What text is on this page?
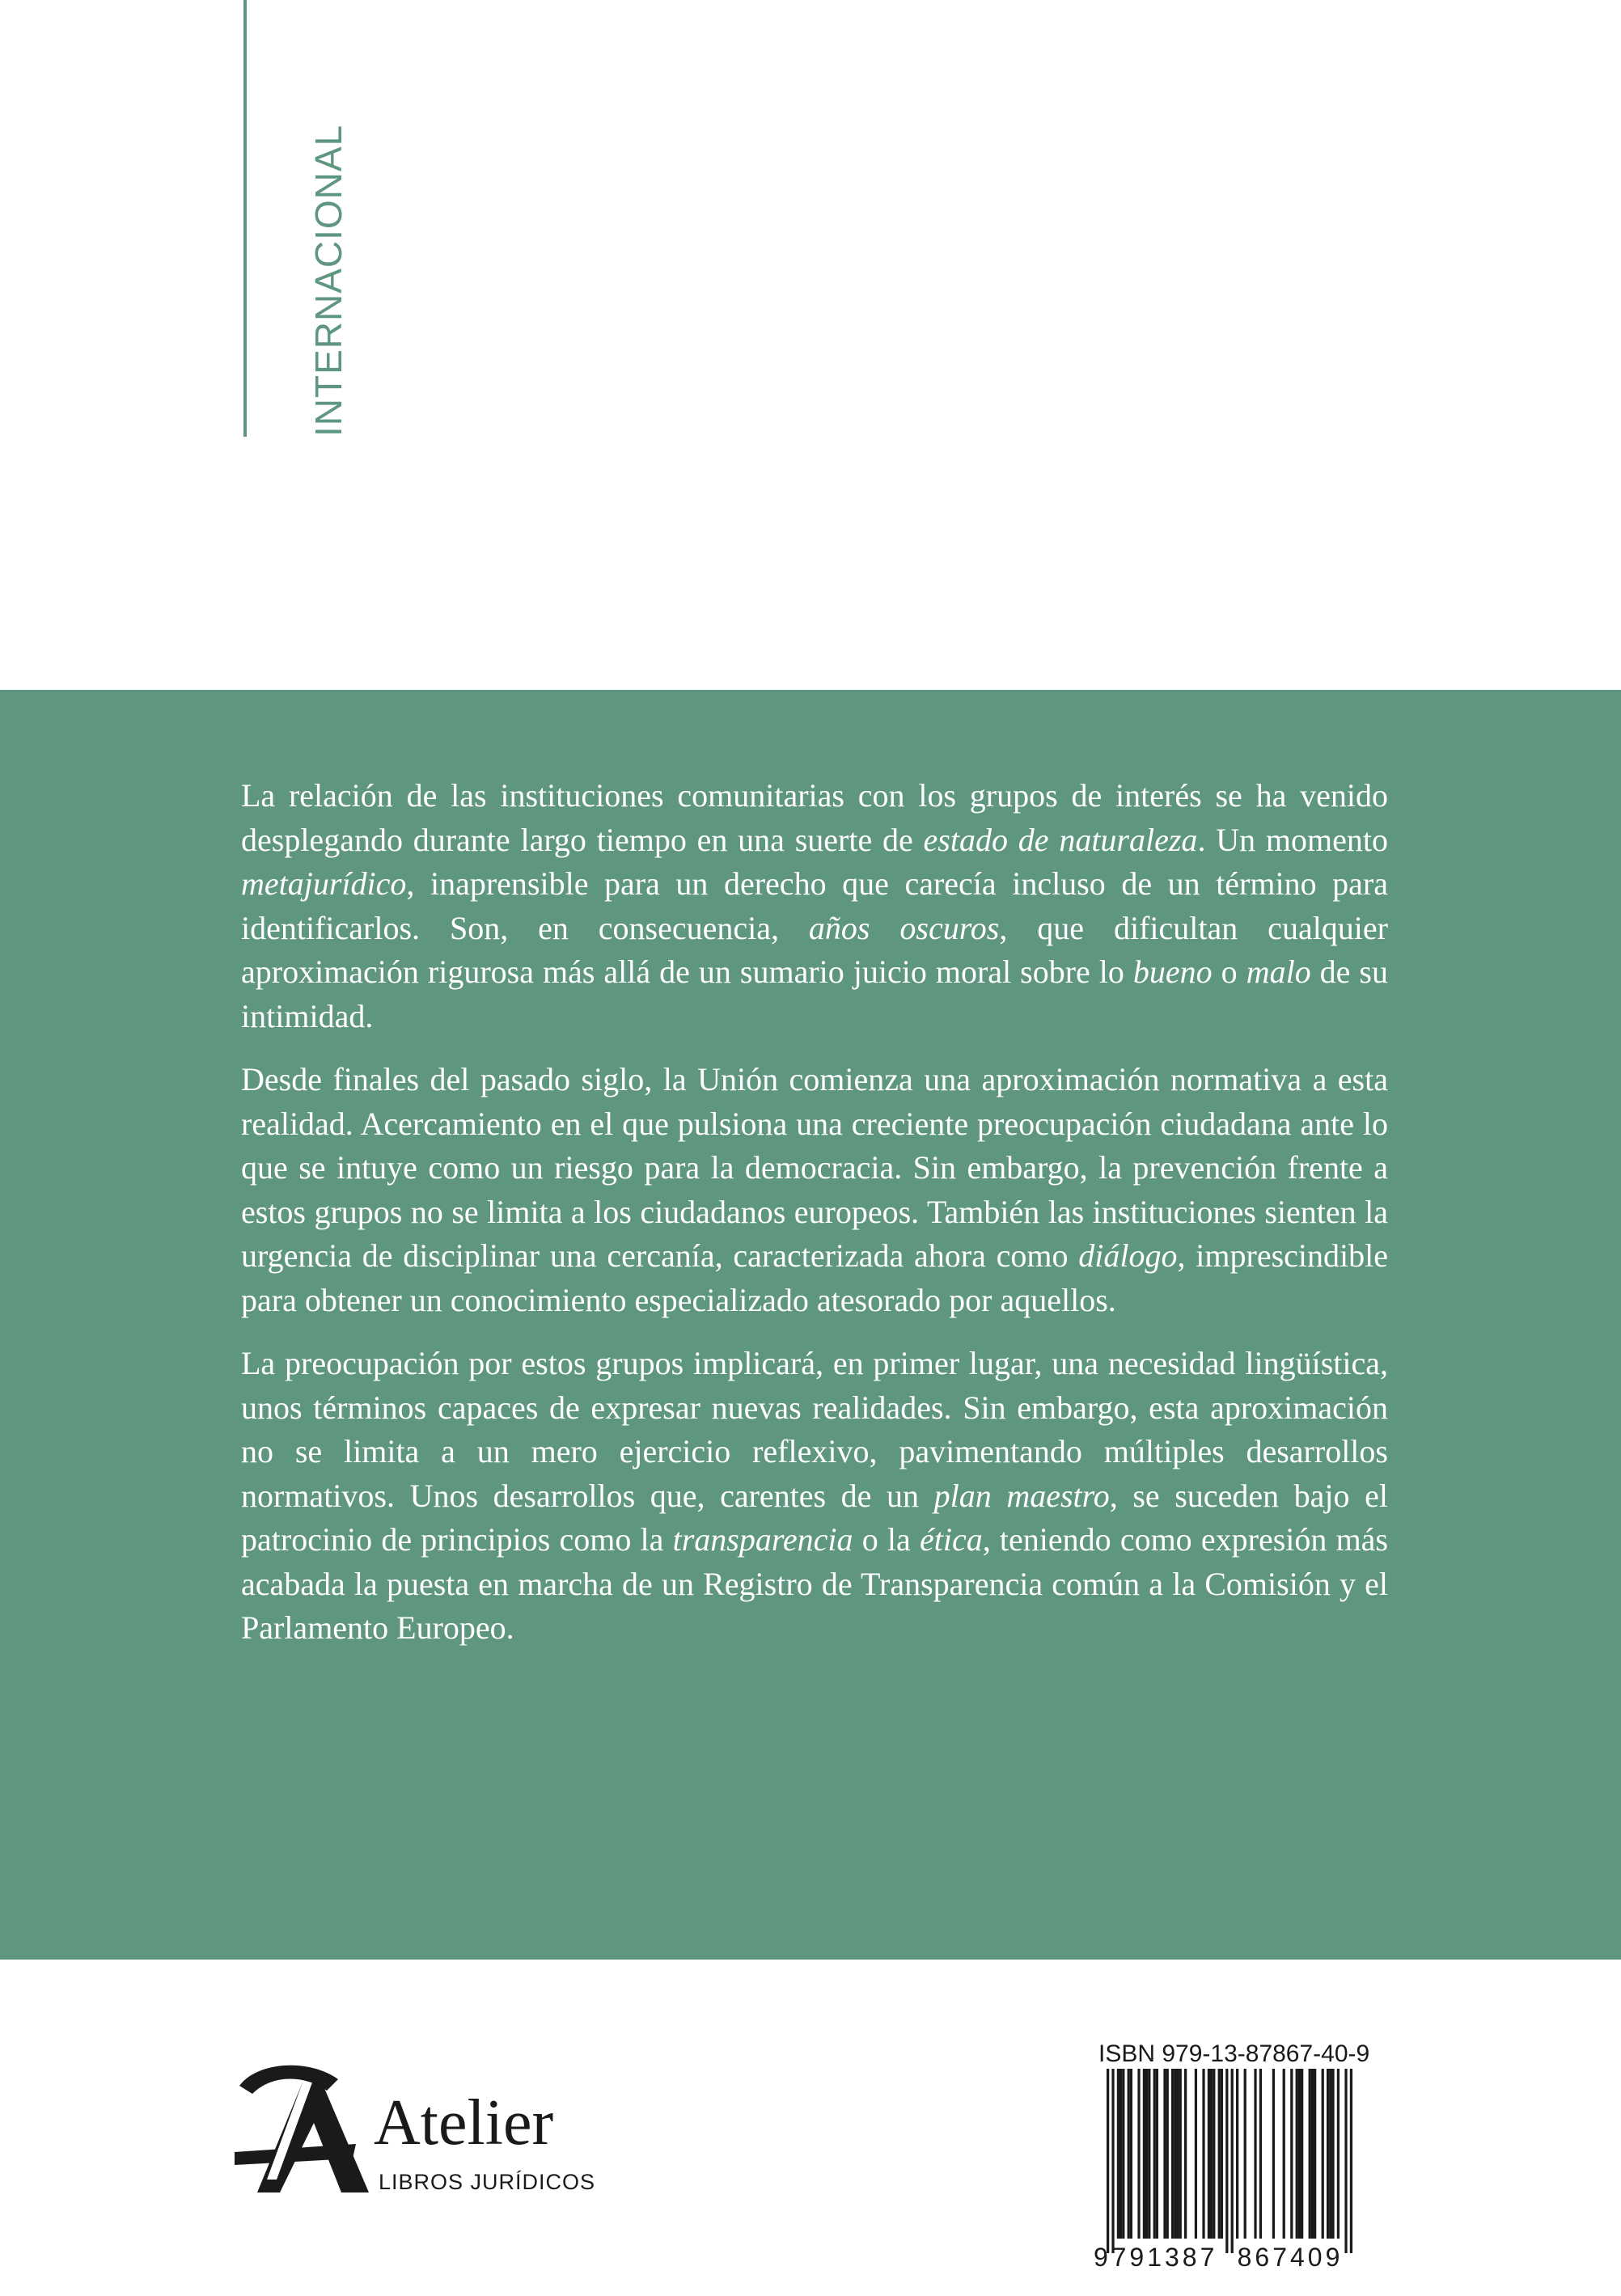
INTERNACIONAL

La relación de las instituciones comunitarias con los grupos de interés se ha venido desplegando durante largo tiempo en una suerte de estado de naturaleza. Un momento metajurídico, inaprensible para un derecho que carecía incluso de un término para identificarlos. Son, en consecuencia, años oscuros, que dificultan cualquier aproximación rigurosa más allá de un sumario juicio moral sobre lo bueno o malo de su intimidad.

Desde finales del pasado siglo, la Unión comienza una aproximación normativa a esta realidad. Acercamiento en el que pulsiona una creciente preocupación ciudadana ante lo que se intuye como un riesgo para la democracia. Sin embargo, la prevención frente a estos grupos no se limita a los ciudadanos europeos. También las instituciones sienten la urgencia de disciplinar una cercanía, caracterizada ahora como diálogo, imprescindible para obtener un conocimiento especializado atesorado por aquellos.

La preocupación por estos grupos implicará, en primer lugar, una necesidad lingüística, unos términos capaces de expresar nuevas realidades. Sin embargo, esta aproximación no se limita a un mero ejercicio reflexivo, pavimentando múltiples desarrollos normativos. Unos desarrollos que, carentes de un plan maestro, se suceden bajo el patrocinio de principios como la transparencia o la ética, teniendo como expresión más acabada la puesta en marcha de un Registro de Transparencia común a la Comisión y el Parlamento Europeo.

Atelier
LIBROS JURÍDICOS
ISBN 979-13-87867-40-9
9 791387 867409
